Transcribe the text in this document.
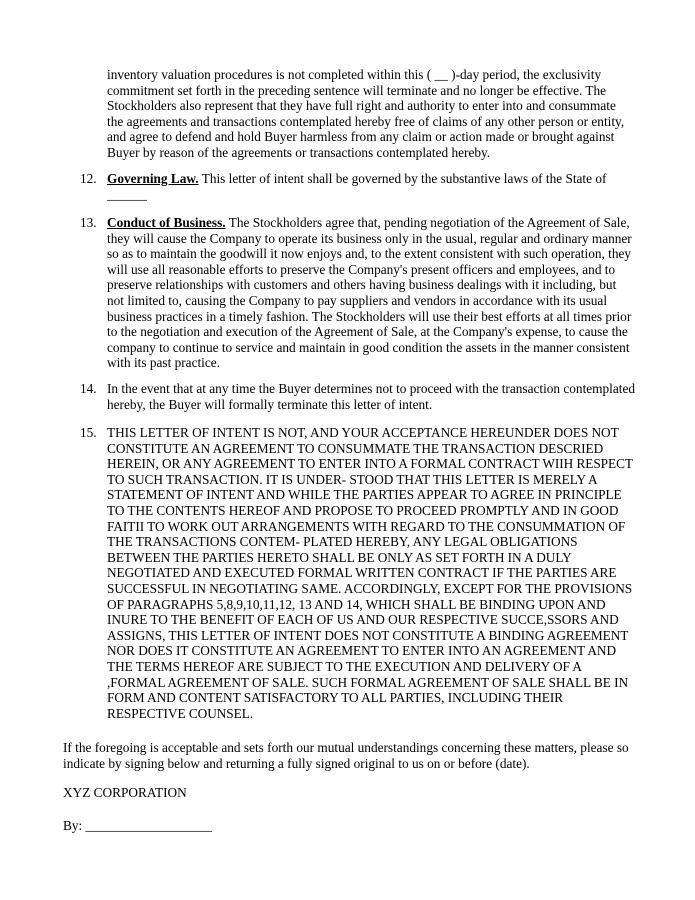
inventory valuation procedures is not completed within this ( __ )-day period, the exclusivity commitment set forth in the preceding sentence will terminate and no longer be effective. The Stockholders also represent that they have full right and authority to enter into and consummate the agreements and transactions contemplated hereby free of claims of any other person or entity, and agree to defend and hold Buyer harmless from any claim or action made or brought against Buyer by reason of the agreements or transactions contemplated hereby.

12. Governing Law. This letter of intent shall be governed by the substantive laws of the State of ______
13. Conduct of Business. The Stockholders agree that, pending negotiation of the Agreement of Sale, they will cause the Company to operate its business only in the usual, regular and ordinary manner so as to maintain the goodwill it now enjoys and, to the extent consistent with such operation, they will use all reasonable efforts to preserve the Company's present officers and employees, and to preserve relationships with customers and others having business dealings with it including, but not limited to, causing the Company to pay suppliers and vendors in accordance with its usual business practices in a timely fashion. The Stockholders will use their best efforts at all times prior to the negotiation and execution of the Agreement of Sale, at the Company's expense, to cause the company to continue to service and maintain in good condition the assets in the manner consistent with its past practice.
14. In the event that at any time the Buyer determines not to proceed with the transaction contemplated hereby, the Buyer will formally terminate this letter of intent.
15. THIS LETTER OF INTENT IS NOT, AND YOUR ACCEPTANCE HEREUNDER DOES NOT CONSTITUTE AN AGREEMENT TO CONSUMMATE THE TRANSACTION DESCRIED HEREIN, OR ANY AGREEMENT TO ENTER INTO A FORMAL CONTRACT WIIH RESPECT TO SUCH TRANSACTION. IT IS UNDER- STOOD THAT THIS LETTER IS MERELY A STATEMENT OF INTENT AND WHILE THE PARTIES APPEAR TO AGREE IN PRINCIPLE TO THE CONTENTS HEREOF AND PROPOSE TO PROCEED PROMPTLY AND IN GOOD FAITII TO WORK OUT ARRANGEMENTS WITH REGARD TO THE CONSUMMATION OF THE TRANSACTIONS CONTEM- PLATED HEREBY, ANY LEGAL OBLIGATIONS BETWEEN THE PARTIES HERETO SHALL BE ONLY AS SET FORTH IN A DULY NEGOTIATED AND EXECUTED FORMAL WRITTEN CONTRACT IF THE PARTIES ARE SUCCESSFUL IN NEGOTIATING SAME. ACCORDINGLY, EXCEPT FOR THE PROVISIONS OF PARAGRAPHS 5,8,9,10,11,12, 13 AND 14, WHICH SHALL BE BINDING UPON AND INURE TO THE BENEFIT OF EACH OF US AND OUR RESPECTIVE SUCCE,SSORS AND ASSIGNS, THIS LETTER OF INTENT DOES NOT CONSTITUTE A BINDING AGREEMENT NOR DOES IT CONSTITUTE AN AGREEMENT TO ENTER INTO AN AGREEMENT AND THE TERMS HEREOF ARE SUBJECT TO THE EXECUTION AND DELIVERY OF A ,FORMAL AGREEMENT OF SALE. SUCH FORMAL AGREEMENT OF SALE SHALL BE IN FORM AND CONTENT SATISFACTORY TO ALL PARTIES, INCLUDING THEIR RESPECTIVE COUNSEL.

If the foregoing is acceptable and sets forth our mutual understandings concerning these matters, please so indicate by signing below and returning a fully signed original to us on or before (date).

XYZ CORPORATION

By: ___________________
